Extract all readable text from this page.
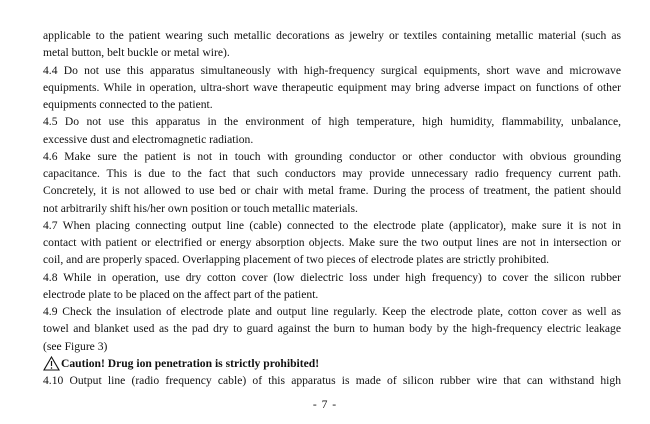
applicable to the patient wearing such metallic decorations as jewelry or textiles containing metallic material (such as
metal button, belt buckle or metal wire).
4.4 Do not use this apparatus simultaneously with high-frequency surgical equipments, short wave and microwave
equipments. While in operation, ultra-short wave therapeutic equipment may bring adverse impact on functions of other
equipments connected to the patient.
4.5 Do not use this apparatus in the environment of high temperature, high humidity, flammability, unbalance,
excessive dust and electromagnetic radiation.
4.6 Make sure the patient is not in touch with grounding conductor or other conductor with obvious grounding
capacitance. This is due to the fact that such conductors may provide unnecessary radio frequency current path.
Concretely, it is not allowed to use bed or chair with metal frame. During the process of treatment, the patient should
not arbitrarily shift his/her own position or touch metallic materials.
4.7 When placing connecting output line (cable) connected to the electrode plate (applicator), make sure it is not in
contact with patient or electrified or energy absorption objects. Make sure the two output lines are not in intersection or
coil, and are properly spaced. Overlapping placement of two pieces of electrode plates are strictly prohibited.
4.8 While in operation, use dry cotton cover (low dielectric loss under high frequency) to cover the silicon rubber
electrode plate to be placed on the affect part of the patient.
4.9 Check the insulation of electrode plate and output line regularly. Keep the electrode plate, cotton cover as well as
towel and blanket used as the pad dry to guard against the burn to human body by the high-frequency electric leakage
(see Figure 3)
Caution! Drug ion penetration is strictly prohibited!
4.10 Output line (radio frequency cable) of this apparatus is made of silicon rubber wire that can withstand high
- 7 -
